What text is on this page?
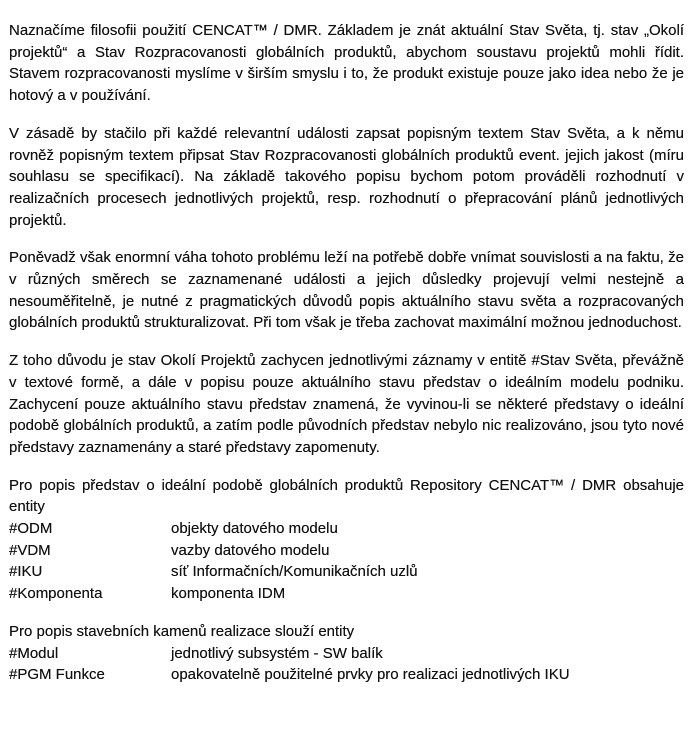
Naznačíme filosofii použití CENCAT™ / DMR. Základem je znát aktuální Stav Světa, tj. stav „Okolí projektů“ a Stav Rozpracovanosti globálních produktů, abychom soustavu projektů mohli řídit. Stavem rozpracovanosti myslíme v širším smyslu i to, že produkt existuje pouze jako idea nebo že je hotový a v používání.

V zásadě by stačilo při každé relevantní události zapsat popisným textem Stav Světa, a k němu rovněž popisným textem připsat Stav Rozpracovanosti globálních produktů event. jejich jakost (míru souhlasu se specifikací). Na základě takového popisu bychom potom prováděli rozhodnutí v realizačních procesech jednotlivých projektů, resp. rozhodnutí o přepracování plánů jednotlivých projektů.

Poněvadž však enormní váha tohoto problému leží na potřebě dobře vnímat souvislosti a na faktu, že v různých směrech se zaznamenané události a jejich důsledky projevují velmi nestejně a nesouměřitelně, je nutné z pragmatických důvodů popis aktuálního stavu světa a rozpracovaných globálních produktů strukturalizovat. Při tom však je třeba zachovat maximální možnou jednoduchost.

Z toho důvodu je stav Okolí Projektů zachycen jednotlivými záznamy v entitě #Stav Světa, převážně v textové formě, a dále v popisu pouze aktuálního stavu představ o ideálním modelu podniku. Zachycení pouze aktuálního stavu představ znamená, že vyvinou-li se některé představy o ideální podobě globálních produktů, a zatím podle původních představ nebylo nic realizováno, jsou tyto nové představy zaznamenány a staré představy zapomenuty.

Pro popis představ o ideální podobě globálních produktů Repository CENCAT™ / DMR obsahuje entity

#ODM	objekty datového modelu
#VDM	vazby datového modelu
#IKU	síť Informačních/Komunikačních uzlů
#Komponenta	komponenta IDM

Pro popis stavebních kamenů realizace slouží entity

#Modul	jednotlivý subsystém - SW balík
#PGM Funkce	opakovatelně použitelné prvky pro realizaci jednotlivých IKU
